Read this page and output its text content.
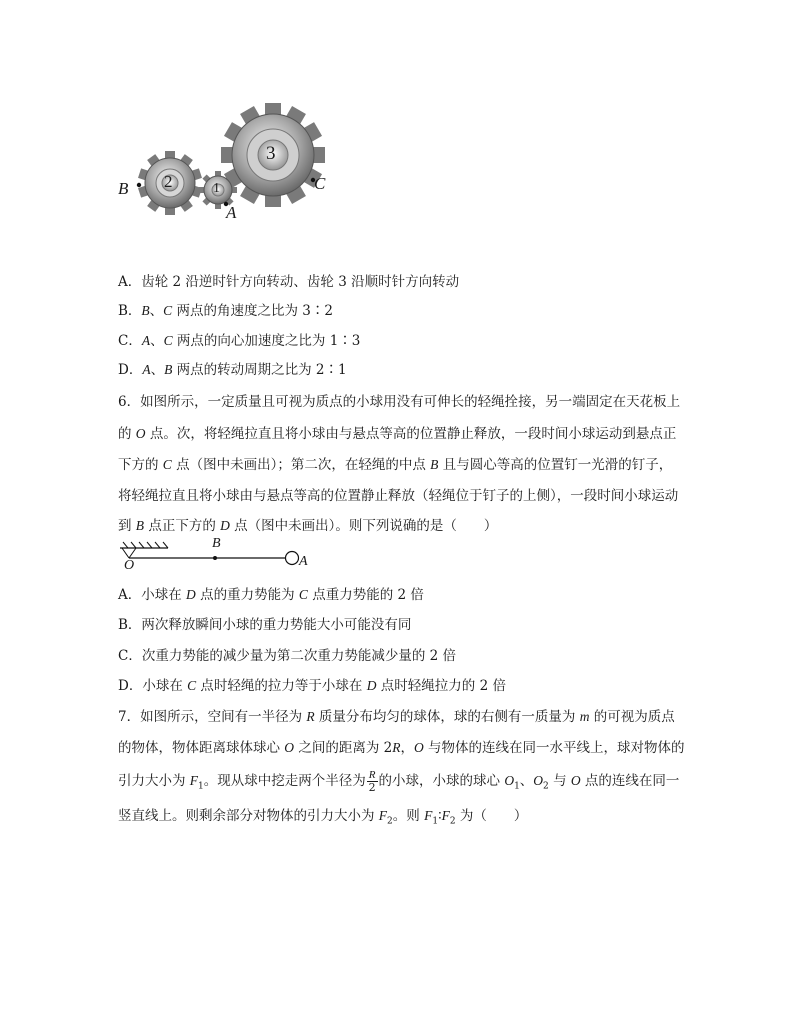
2	1
3
B
A
C
A．齿轮 2 沿逆时针方向转动、齿轮 3 沿顺时针方向转动
B．B、C 两点的角速度之比为 3∶2
C．A、C 两点的向心加速度之比为 1∶3
D．A、B 两点的转动周期之比为 2∶1
6．如图所示，一定质量且可视为质点的小球用没有可伸长的轻绳拴接，另一端固定在天花板上
的 O 点。次，将轻绳拉直且将小球由与悬点等高的位置静止释放，一段时间小球运动到悬点正
下方的 C 点（图中未画出）；第二次，在轻绳的中点 B 且与圆心等高的位置钉一光滑的钉子，
将轻绳拉直且将小球由与悬点等高的位置静止释放（轻绳位于钉子的上侧），一段时间小球运动
到 B 点正下方的 D 点（图中未画出）。则下列说确的是（　　）
O
B
A
A．小球在 D 点的重力势能为 C 点重力势能的 2 倍
B．两次释放瞬间小球的重力势能大小可能没有同
C．次重力势能的减少量为第二次重力势能减少量的 2 倍
D．小球在 C 点时轻绳的拉力等于小球在 D 点时轻绳拉力的 2 倍
7．如图所示，空间有一半径为 R 质量分布均匀的球体，球的右侧有一质量为 m 的可视为质点
的物体，物体距离球体球心 O 之间的距离为 2R，O 与物体的连线在同一水平线上，球对物体的
引力大小为 $F_1$。现从球中挖走两个半径为 $\frac{R}{2}$ 的小球，小球的球心 $O_1$、$O_2$ 与 O 点的连线在同一
竖直线上。则剩余部分对物体的引力大小为 $F_2$。则 $F_1∶F_2$ 为（　　）
